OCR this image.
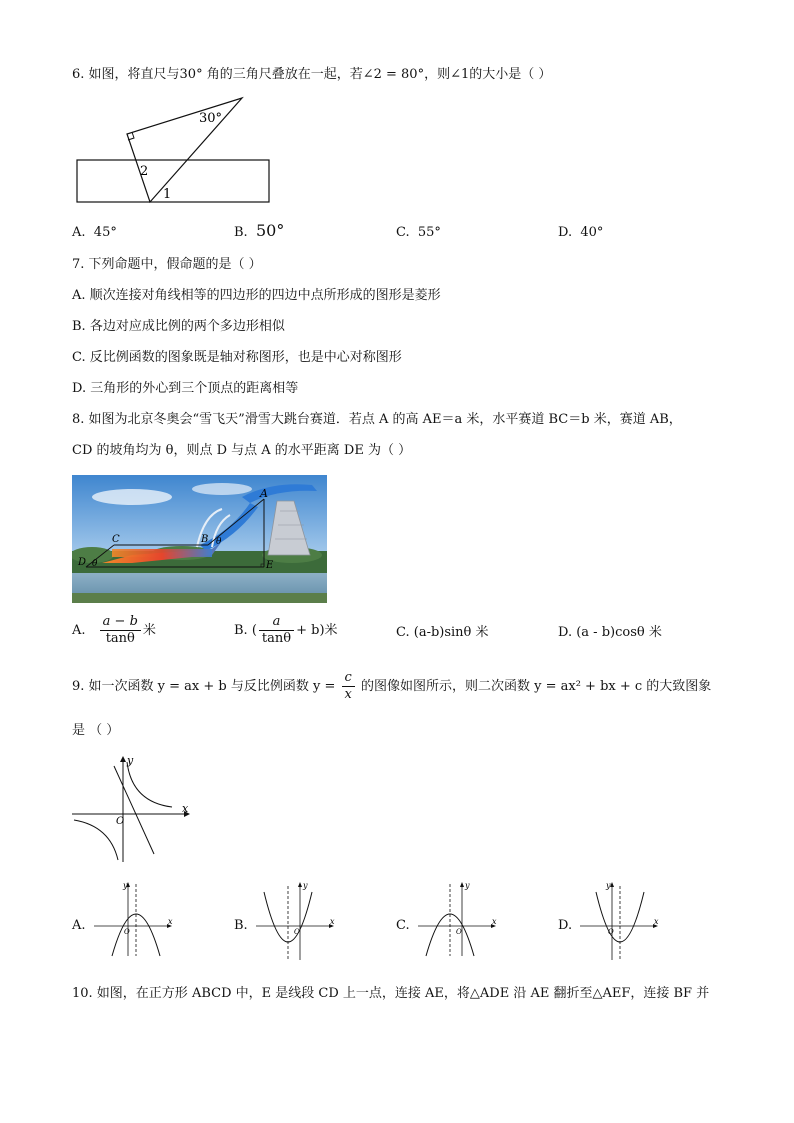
6. 如图，将直尺与30° 角的三角尺叠放在一起，若∠2 = 80°，则∠1的大小是（ ）
30°
2
1
A. 45°	B. 50°	C. 55°	D. 40°
7. 下列命题中，假命题的是（ ）
A. 顺次连接对角线相等的四边形的四边中点所形成的图形是菱形
B. 各边对应成比例的两个多边形相似
C. 反比例函数的图象既是轴对称图形，也是中心对称图形
D. 三角形的外心到三个顶点的距离相等
8. 如图为北京冬奥会“雪飞天”滑雪大跳台赛道．若点 A 的高 AE＝a 米，水平赛道 BC＝b 米，赛道 AB，
CD 的坡角均为 θ，则点 D 与点 A 的水平距离 DE 为（ ）
A
B
C
D	E
θ
θ
A. $\frac{a - b}{\tan\theta}$ 米	B. ( $\frac{a}{\tan\theta} + b$)米	C. (a-b)sinθ 米	D. (a - b)cosθ 米
9. 如一次函数 y = ax + b 与反比例函数 $y = \frac{c}{x}$ 的图像如图所示，则二次函数 y = ax² + bx + c 的大致图象
是 （ ）
x
y
O
A.	x
y
O	B.	x
y
O	C.	x
y
O	D.	x
y
O
10. 如图，在正方形 ABCD 中，E 是线段 CD 上一点，连接 AE，将△ADE 沿 AE 翻折至△AEF，连接 BF 并
